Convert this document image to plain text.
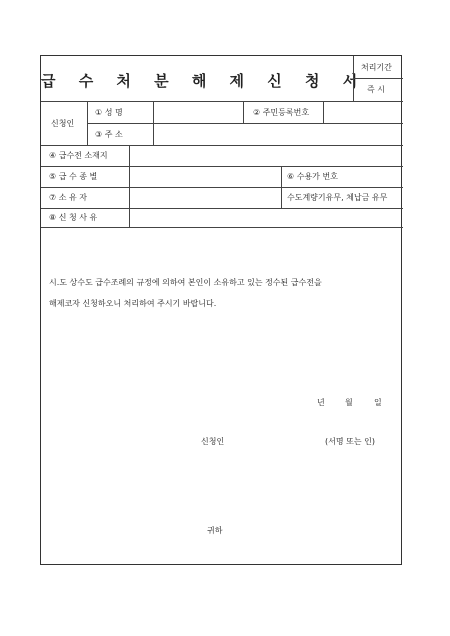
급 수 처 분 해 제 신 청 서
처리기간
즉 시
신청인
① 성 명	② 주민등록번호
③ 주 소
④ 급수전 소재지
⑤ 급 수 종 별	⑥ 수용가 번호
⑦ 소 유 자	수도계량기유무, 체납금 유무
⑧ 신 청 사 유
시.도 상수도 급수조례의 규정에 의하여 본인이 소유하고 있는 정수된 급수전을
해제코자 신청하오니 처리하여 주시기 바랍니다.
년	월	일
신청인	(서명 또는 인)
귀하
